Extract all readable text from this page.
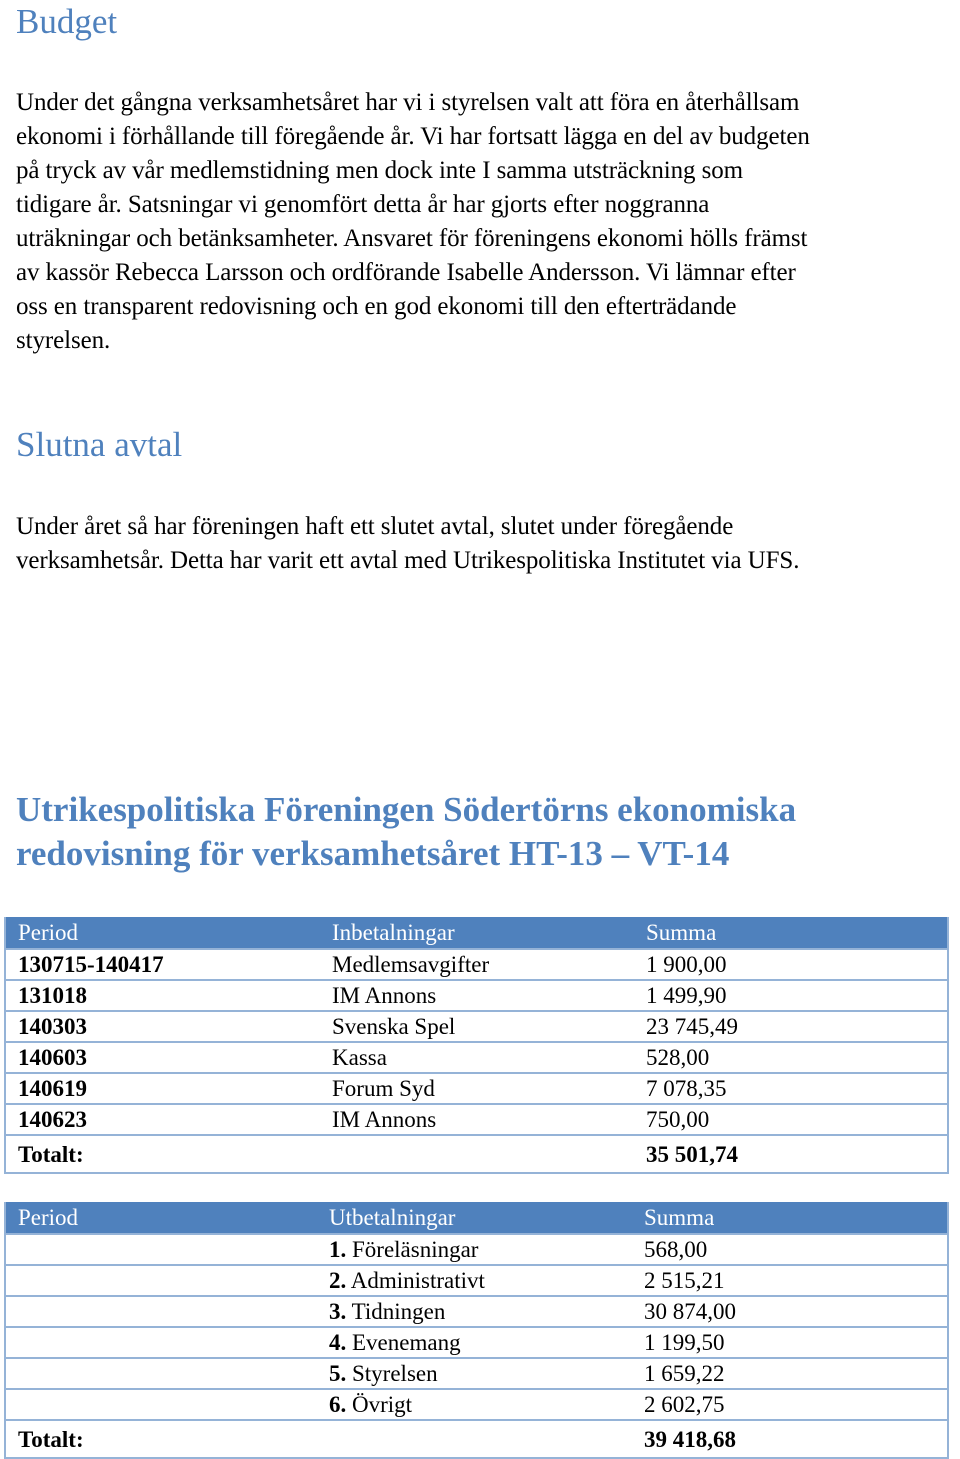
Budget
Under det gångna verksamhetsåret har vi i styrelsen valt att föra en återhållsam
ekonomi i förhållande till föregående år. Vi har fortsatt lägga en del av budgeten
på tryck av vår medlemstidning men dock inte I samma utsträckning som
tidigare år. Satsningar vi genomfört detta år har gjorts efter noggranna
uträkningar och betänksamheter. Ansvaret för föreningens ekonomi hölls främst
av kassör Rebecca Larsson och ordförande Isabelle Andersson. Vi lämnar efter
oss en transparent redovisning och en god ekonomi till den efterträdande
styrelsen.
Slutna avtal
Under året så har föreningen haft ett slutet avtal, slutet under föregående
verksamhetsår. Detta har varit ett avtal med Utrikespolitiska Institutet via UFS.
Utrikespolitiska Föreningen Södertörns ekonomiska
redovisning för verksamhetsåret HT-13 – VT-14
Period	Inbetalningar	Summa
130715-140417	Medlemsavgifter	1 900,00
131018	IM Annons	1 499,90
140303	Svenska Spel	23 745,49
140603	Kassa	528,00
140619	Forum Syd	7 078,35
140623	IM Annons	750,00
Totalt:		35 501,74
Period	Utbetalningar	Summa
	1. Föreläsningar	568,00
	2. Administrativt	2 515,21
	3. Tidningen	30 874,00
	4. Evenemang	1 199,50
	5. Styrelsen	1 659,22
	6. Övrigt	2 602,75
Totalt:		39 418,68
